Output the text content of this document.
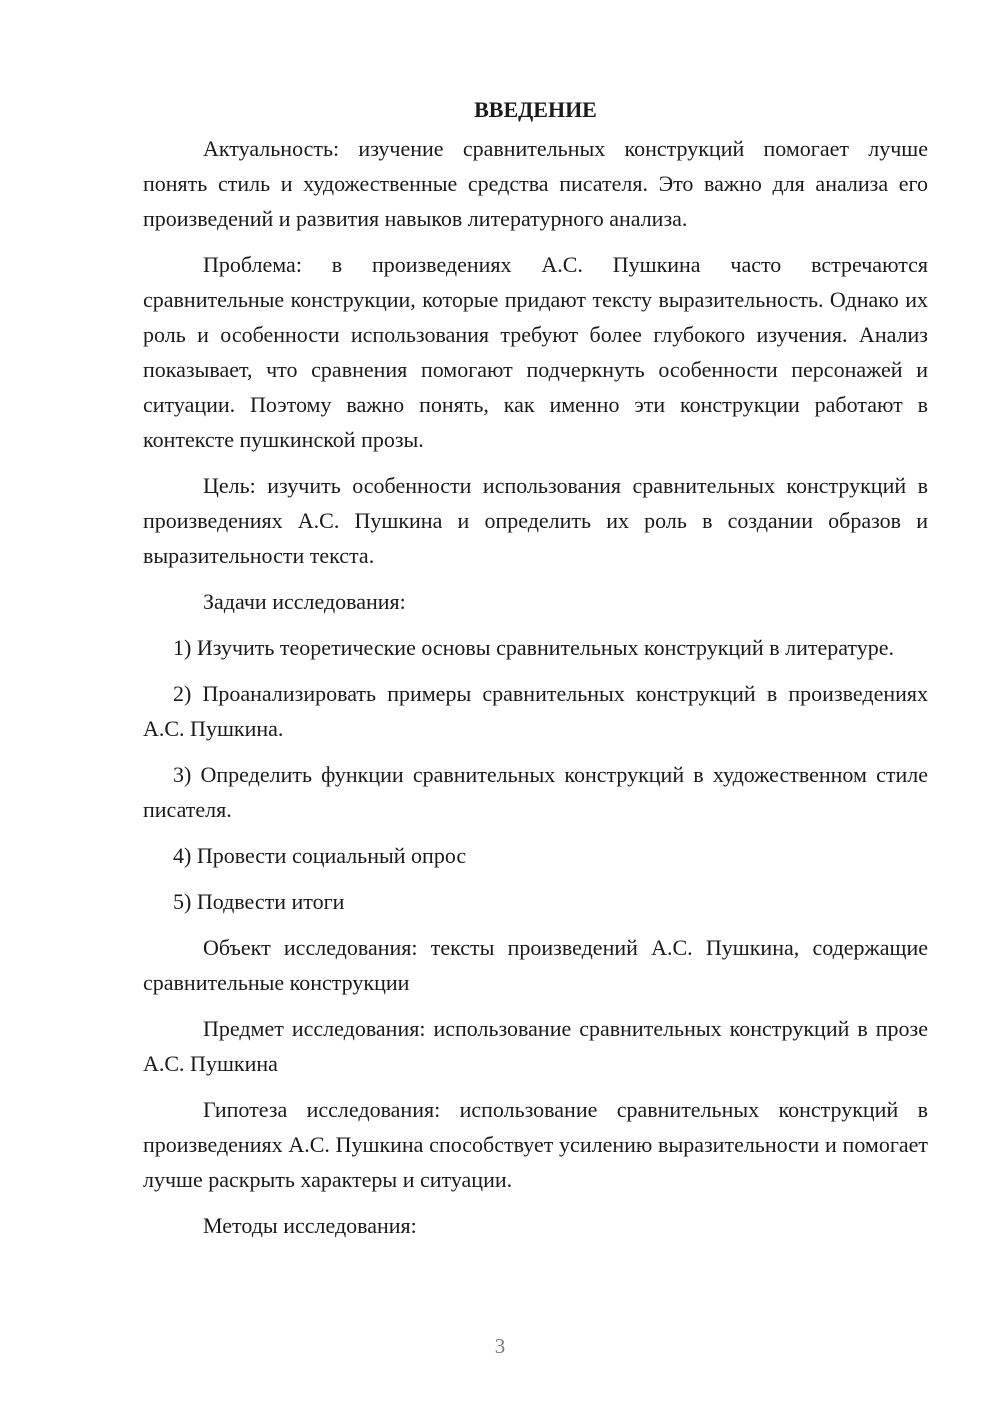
ВВЕДЕНИЕ

Актуальность: изучение сравнительных конструкций помогает лучше понять стиль и художественные средства писателя. Это важно для анализа его произведений и развития навыков литературного анализа.

Проблема: в произведениях А.С. Пушкина часто встречаются сравнительные конструкции, которые придают тексту выразительность. Однако их роль и особенности использования требуют более глубокого изучения. Анализ показывает, что сравнения помогают подчеркнуть особенности персонажей и ситуации. Поэтому важно понять, как именно эти конструкции работают в контексте пушкинской прозы.

Цель: изучить особенности использования сравнительных конструкций в произведениях А.С. Пушкина и определить их роль в создании образов и выразительности текста.

Задачи исследования:

1) Изучить теоретические основы сравнительных конструкций в литературе.

2) Проанализировать примеры сравнительных конструкций в произведениях А.С. Пушкина.

3) Определить функции сравнительных конструкций в художественном стиле писателя.

4) Провести социальный опрос

5) Подвести итоги

Объект исследования: тексты произведений А.С. Пушкина, содержащие сравнительные конструкции

Предмет исследования: использование сравнительных конструкций в прозе А.С. Пушкина

Гипотеза исследования: использование сравнительных конструкций в произведениях А.С. Пушкина способствует усилению выразительности и помогает лучше раскрыть характеры и ситуации.

Методы исследования:

3
